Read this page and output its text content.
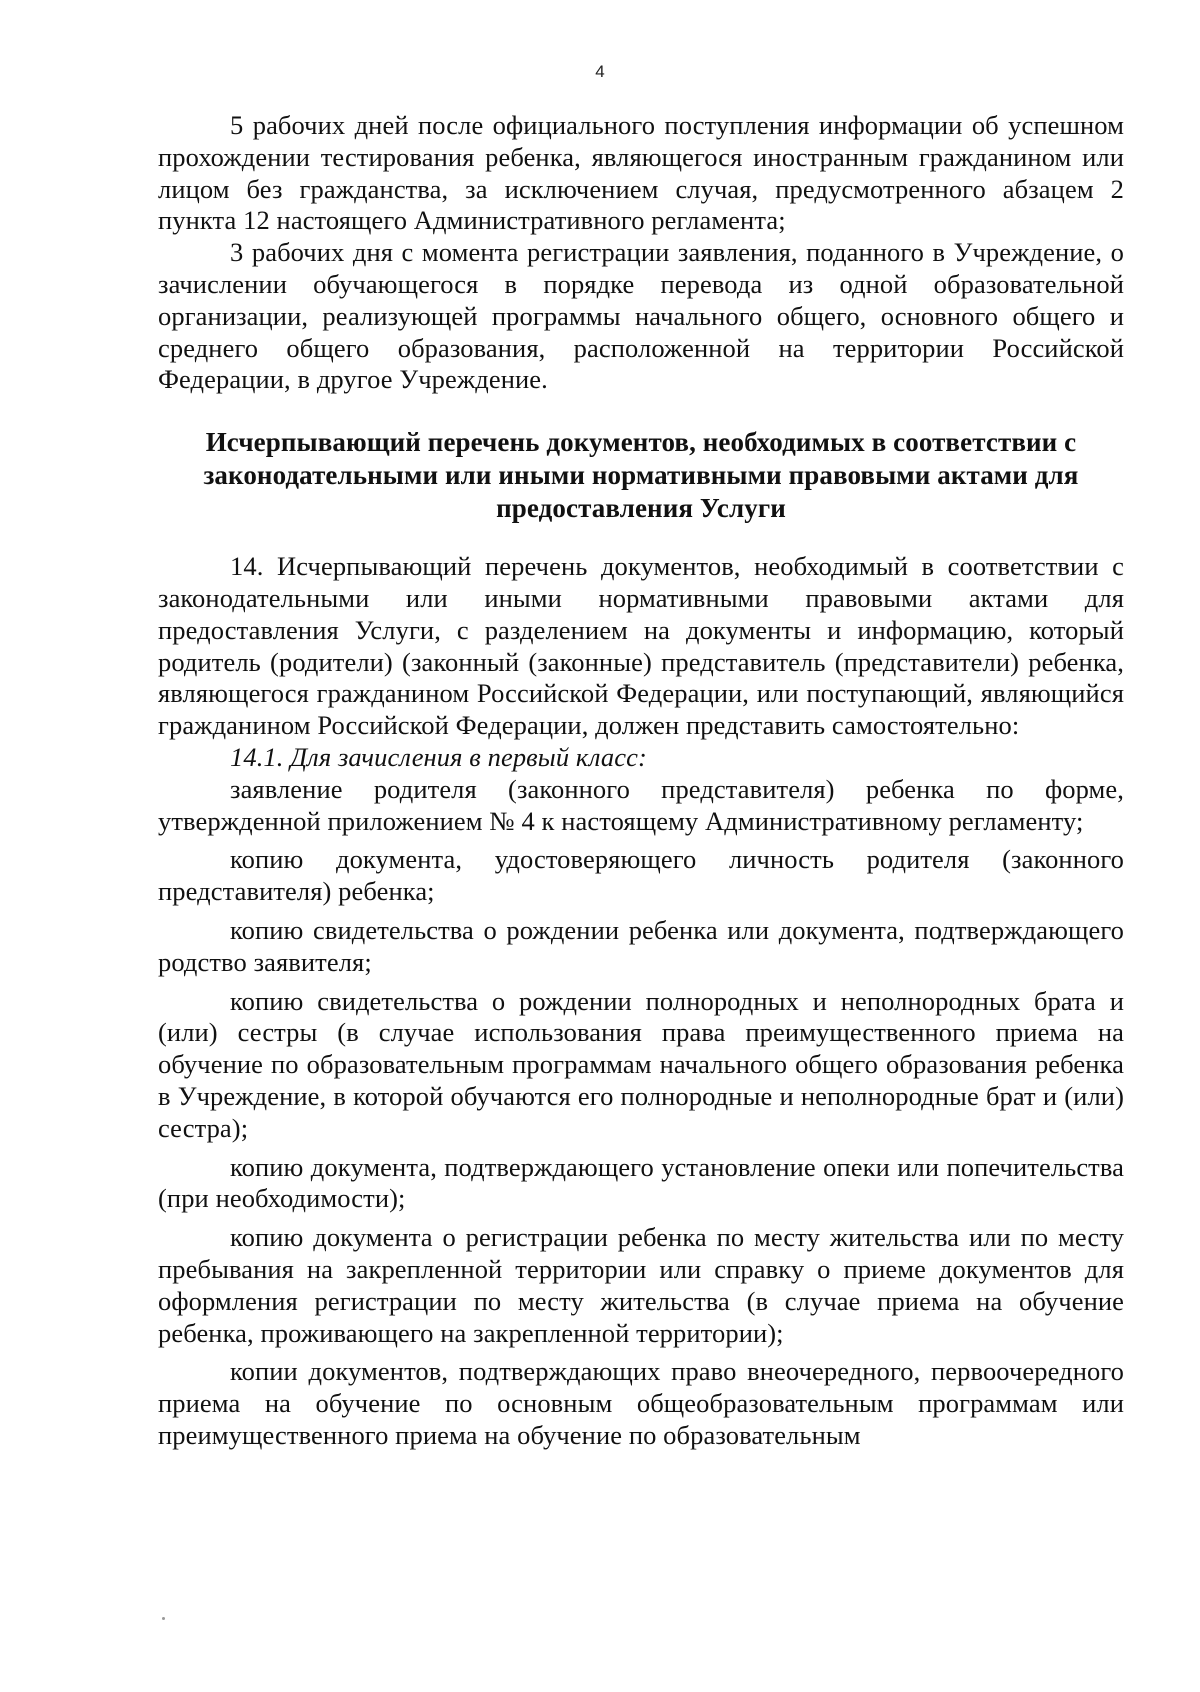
4

5 рабочих дней после официального поступления информации об успешном прохождении тестирования ребенка, являющегося иностранным гражданином или лицом без гражданства, за исключением случая, предусмотренного абзацем 2 пункта 12 настоящего Административного регламента;

3 рабочих дня с момента регистрации заявления, поданного в Учреждение, о зачислении обучающегося в порядке перевода из одной образовательной организации, реализующей программы начального общего, основного общего и среднего общего образования, расположенной на территории Российской Федерации, в другое Учреждение.

Исчерпывающий перечень документов, необходимых в соответствии с законодательными или иными нормативными правовыми актами для предоставления Услуги

14. Исчерпывающий перечень документов, необходимый в соответствии с законодательными или иными нормативными правовыми актами для предоставления Услуги, с разделением на документы и информацию, который родитель (родители) (законный (законные) представитель (представители) ребенка, являющегося гражданином Российской Федерации, или поступающий, являющийся гражданином Российской Федерации, должен представить самостоятельно:

14.1. Для зачисления в первый класс:

заявление родителя (законного представителя) ребенка по форме, утвержденной приложением № 4 к настоящему Административному регламенту;

копию документа, удостоверяющего личность родителя (законного представителя) ребенка;

копию свидетельства о рождении ребенка или документа, подтверждающего родство заявителя;

копию свидетельства о рождении полнородных и неполнородных брата и (или) сестры (в случае использования права преимущественного приема на обучение по образовательным программам начального общего образования ребенка в Учреждение, в которой обучаются его полнородные и неполнородные брат и (или) сестра);

копию документа, подтверждающего установление опеки или попечительства (при необходимости);

копию документа о регистрации ребенка по месту жительства или по месту пребывания на закрепленной территории или справку о приеме документов для оформления регистрации по месту жительства (в случае приема на обучение ребенка, проживающего на закрепленной территории);

копии документов, подтверждающих право внеочередного, первоочередного приема на обучение по основным общеобразовательным программам или преимущественного приема на обучение по образовательным
